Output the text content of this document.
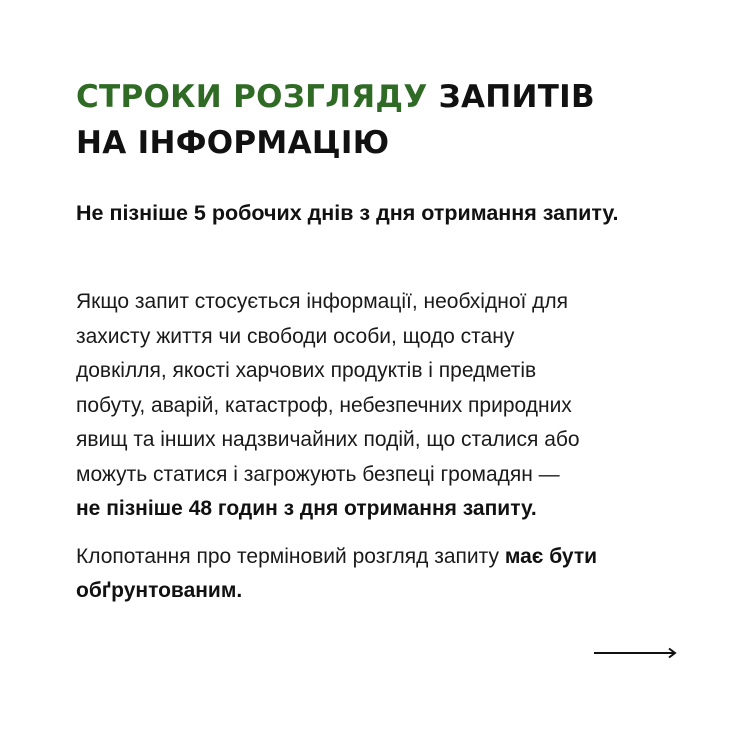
СТРОКИ РОЗГЛЯДУ ЗАПИТІВ
НА ІНФОРМАЦІЮ

Не пізніше 5 робочих днів з дня отримання запиту.

Якщо запит стосується інформації, необхідної для
захисту життя чи свободи особи, щодо стану
довкілля, якості харчових продуктів і предметів
побуту, аварій, катастроф, небезпечних природних
явищ та інших надзвичайних подій, що сталися або
можуть статися і загрожують безпеці громадян —
не пізніше 48 годин з дня отримання запиту.

Клопотання про терміновий розгляд запиту має бути обґрунтованим.
